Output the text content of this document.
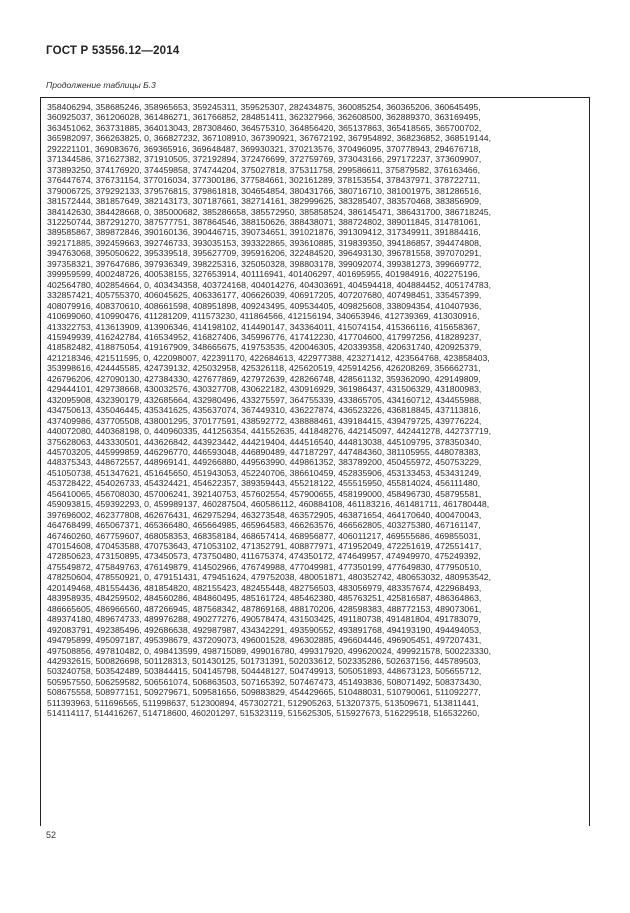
ГОСТ Р 53556.12—2014
Продолжение таблицы Б.3
358406294, 358685246, 358965653, 359245311, 359525307, 282434875, 360085254, 360365206, 360645495,
360925037, 361206028, 361486271, 361766852, 284851411, 362327966, 362608500, 362889370, 363169495,
363451062, 363731885, 364013043, 287308460, 364575310, 364856420, 365137863, 365418565, 365700702,
365982097, 366263825, 0, 366827232, 367108910, 367390921, 367672192, 367954892, 368236852, 368519144,
292221101, 369083676, 369365916, 369648487, 369930321, 370213576, 370496095, 370778943, 294676718,
371344586, 371627382, 371910505, 372192894, 372476699, 372759769, 373043166, 297172237, 373609907,
373893250, 374176920, 374459858, 374744204, 375027818, 375311758, 299586611, 375879582, 376163466,
376447674, 376731154, 377016034, 377300186, 377584661, 302161289, 378153554, 378437971, 378722711,
379006725, 379292133, 379576815, 379861818, 304654854, 380431766, 380716710, 381001975, 381286516,
381572444, 381857649, 382143173, 307187661, 382714161, 382999625, 383285407, 383570468, 383856909,
384142630, 384428668, 0, 385000682, 385286658, 385572950, 385858524, 386145471, 386431700, 386718245,
312250744, 387291270, 387577751, 387864546, 388150626, 388438071, 388724802, 389011845, 314781061,
389585867, 389872846, 390160136, 390446715, 390734651, 391021876, 391309412, 317349911, 391884416,
392171885, 392459663, 392746733, 393035153, 393322865, 393610885, 319839350, 394186857, 394474808,
394763068, 395050622, 395339518, 395627709, 395916206, 322484520, 396493130, 396781558, 397070291,
397358321, 397647686, 397936349, 398225316, 325050328, 398803178, 399092074, 399381273, 399669772,
399959599, 400248726, 400538155, 327653914, 401116941, 401406297, 401695955, 401984916, 402275196,
402564780, 402854664, 0, 403434358, 403724168, 404014276, 404303691, 404594418, 404884452, 405174783,
332857421, 405755370, 406045625, 406336177, 406626039, 406917205, 407207680, 407498451, 335457399,
408079916, 408370610, 408661598, 408951898, 409243495, 409534405, 409825608, 338094354, 410407936,
410699060, 410990476, 411281209, 411573230, 411864566, 412156194, 340653946, 412739369, 413030916,
413322753, 413613909, 413906346, 414198102, 414490147, 343364011, 415074154, 415366116, 415658367,
415949939, 416242784, 416534952, 416827406, 345996776, 417412230, 417704600, 417997256, 418289237,
418582482, 418875054, 419167909, 348665675, 419753535, 420046305, 420339358, 420631740, 420925379,
421218346, 421511595, 0, 422098007, 422391170, 422684613, 422977388, 423271412, 423564768, 423858403,
353998616, 424445585, 424739132, 425032958, 425326118, 425620519, 425914256, 426208269, 356662731,
426796206, 427090130, 427384330, 427677869, 427972639, 428266748, 428561132, 359362090, 429149809,
429444101, 429738668, 430032576, 430327708, 430622182, 430916929, 361986437, 431506329, 431800983,
432095908, 432390179, 432685664, 432980496, 433275597, 364755339, 433865705, 434160712, 434455988,
434750613, 435046445, 435341625, 435637074, 367449310, 436227874, 436523226, 436818845, 437113816,
437409986, 437705508, 438001295, 370177591, 438592772, 438888461, 439184415, 439479725, 439776224,
440072080, 440368198, 0, 440960335, 441256354, 441552635, 441848276, 442145097, 442441278, 442737719,
375628063, 443330501, 443626842, 443923442, 444219404, 444516540, 444813038, 445109795, 378350340,
445703205, 445999859, 446296770, 446593048, 446890489, 447187297, 447484360, 381105955, 448078383,
448375343, 448672557, 448969141, 449266880, 449563990, 449861352, 383789200, 450455972, 450753229,
451050738, 451347621, 451645650, 451943053, 452240706, 386610459, 452835906, 453133453, 453431249,
453728422, 454026733, 454324421, 454622357, 389359443, 455218122, 455515950, 455814024, 456111480,
456410065, 456708030, 457006241, 392140753, 457602554, 457900655, 458199000, 458496730, 458795581,
459093815, 459392293, 0, 459989137, 460287504, 460586112, 460884108, 461183216, 461481711, 461780448,
397696002, 462377808, 462676431, 462975294, 463273548, 463572905, 463871654, 464170640, 400470043,
464768499, 465067371, 465366480, 465664985, 465964583, 466263576, 466562805, 403275380, 467161147,
467460260, 467759607, 468058353, 468358184, 468657414, 468956877, 406011217, 469555686, 469855031,
470154608, 470453588, 470753643, 471053102, 471352791, 408877971, 471952049, 472251619, 472551417,
472850623, 473150895, 473450573, 473750480, 411675374, 474350172, 474649957, 474949970, 475249392,
475549872, 475849763, 476149879, 414502966, 476749988, 477049981, 477350199, 477649830, 477950510,
478250604, 478550921, 0, 479151431, 479451624, 479752038, 480051871, 480352742, 480653032, 480953542,
420149468, 481554436, 481854820, 482155423, 482455448, 482756503, 483056979, 483357674, 422968493,
483958935, 484259502, 484560286, 484860495, 485161724, 485462380, 485763251, 425816587, 486364863,
486665605, 486966560, 487266945, 487568342, 487869168, 488170206, 428598383, 488772153, 489073061,
489374180, 489674733, 489976288, 490277276, 490578474, 431503425, 491180738, 491481804, 491783079,
492083791, 492385496, 492686638, 492987987, 434342291, 493590552, 493891768, 494193190, 494494053,
494795899, 495097187, 495398679, 437209073, 496001528, 496302885, 496604446, 496905451, 497207431,
497508856, 497810482, 0, 498413599, 498715089, 499016780, 499317920, 499620024, 499921578, 500223330,
442932615, 500826698, 501128313, 501430125, 501731391, 502033612, 502335286, 502637156, 445789503,
503240758, 503542489, 503844415, 504145798, 504448127, 504749913, 505051893, 448673123, 505655712,
505957550, 506259582, 506561074, 506863503, 507165392, 507467473, 451493836, 508071492, 508373430,
508675558, 508977151, 509279671, 509581656, 509883829, 454429665, 510488031, 510790061, 511092277,
511393963, 511696565, 511998637, 512300894, 457302721, 512905263, 513207375, 513509671, 513811441,
514114117, 514416267, 514718600, 460201297, 515323119, 515625305, 515927673, 516229518, 516532260,
52
